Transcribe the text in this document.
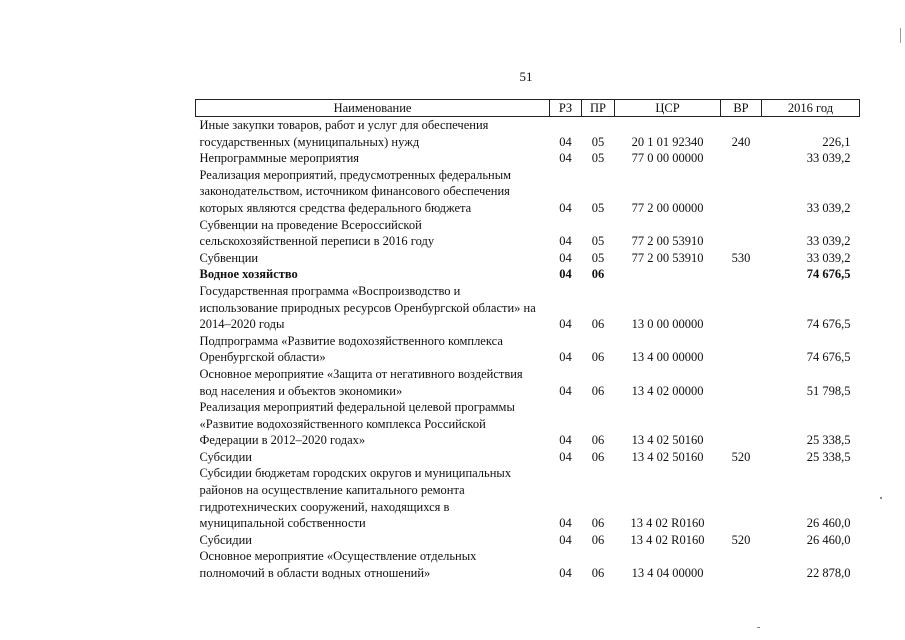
51
Наименование	РЗ	ПР	ЦСР	ВР	2016 год
Иные закупки товаров, работ и услуг для обеспечения
государственных (муниципальных) нужд	04	05	20 1 01 92340	240	226,1
Непрограммные мероприятия	04	05	77 0 00 00000		33 039,2
Реализация мероприятий, предусмотренных федеральным
законодательством, источником финансового обеспечения
которых являются средства федерального бюджета	04	05	77 2 00 00000		33 039,2
Субвенции на проведение Всероссийской
сельскохозяйственной переписи в 2016 году	04	05	77 2 00 53910		33 039,2
Субвенции	04	05	77 2 00 53910	530	33 039,2
Водное хозяйство	04	06			74 676,5
Государственная программа «Воспроизводство и
использование природных ресурсов Оренбургской области» на
2014–2020 годы	04	06	13 0 00 00000		74 676,5
Подпрограмма «Развитие водохозяйственного комплекса
Оренбургской области»	04	06	13 4 00 00000		74 676,5
Основное мероприятие «Защита от негативного воздействия
вод населения и объектов экономики»	04	06	13 4 02 00000		51 798,5
Реализация мероприятий федеральной целевой программы
«Развитие водохозяйственного комплекса Российской
Федерации в 2012–2020 годах»	04	06	13 4 02 50160		25 338,5
Субсидии	04	06	13 4 02 50160	520	25 338,5
Субсидии бюджетам городских округов и муниципальных
районов на осуществление капитального ремонта
гидротехнических сооружений, находящихся в
муниципальной собственности	04	06	13 4 02 R0160		26 460,0
Субсидии	04	06	13 4 02 R0160	520	26 460,0
Основное мероприятие «Осуществление отдельных
полномочий в области водных отношений»	04	06	13 4 04 00000		22 878,0
